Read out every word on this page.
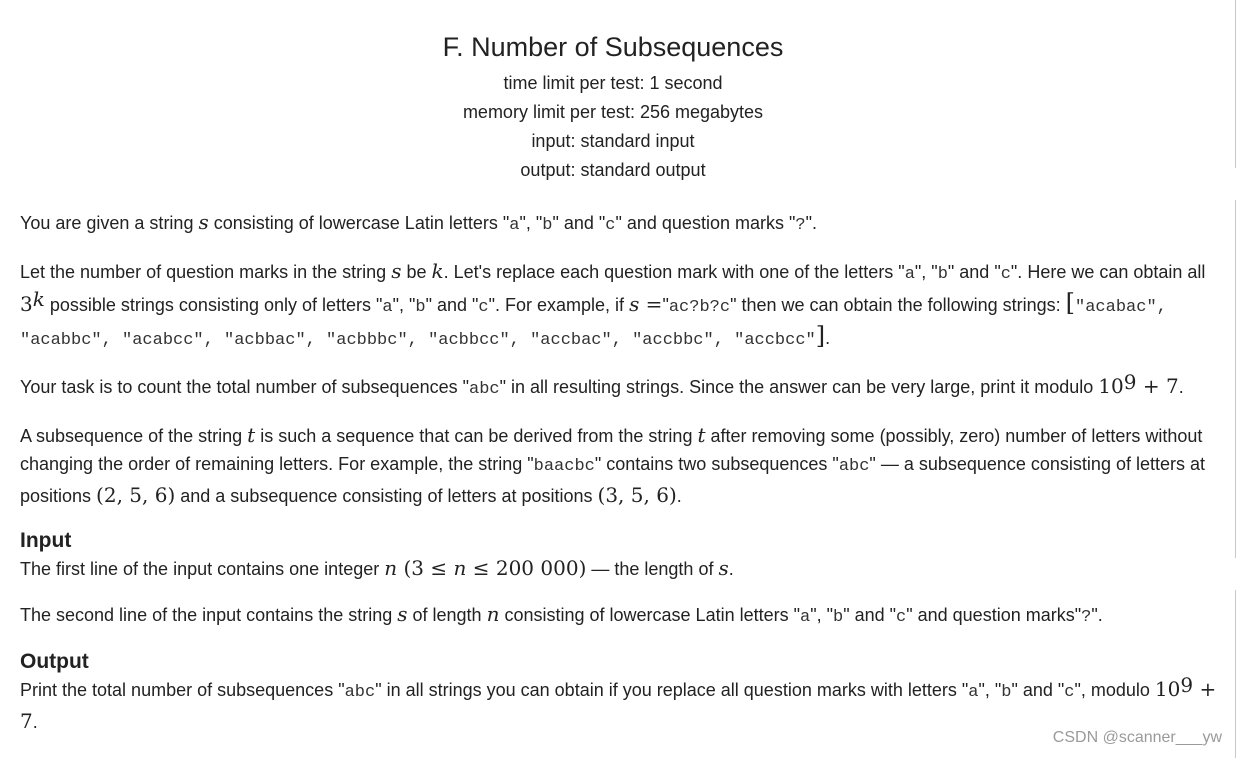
F. Number of Subsequences
time limit per test: 1 second
memory limit per test: 256 megabytes
input: standard input
output: standard output

You are given a string s consisting of lowercase Latin letters "a", "b" and "c" and question marks "?".

Let the number of question marks in the string s be k. Let's replace each question mark with one of the letters "a", "b" and "c". Here we can obtain all 3$^k$ possible strings consisting only of letters "a", "b" and "c". For example, if s ="ac?b?c" then we can obtain the following strings: ["acabac", "acabbc", "acabcc", "acbbac", "acbbbc", "acbbcc", "accbac", "accbbc", "accbcc"].

Your task is to count the total number of subsequences "abc" in all resulting strings. Since the answer can be very large, print it modulo $10^9 + 7$.

A subsequence of the string t is such a sequence that can be derived from the string t after removing some (possibly, zero) number of letters without changing the order of remaining letters. For example, the string "baacbc" contains two subsequences "abc" — a subsequence consisting of letters at positions (2, 5, 6) and a subsequence consisting of letters at positions (3, 5, 6).

Input

The first line of the input contains one integer n (3 ≤ n ≤ 200 000) — the length of s.

The second line of the input contains the string s of length n consisting of lowercase Latin letters "a", "b" and "c" and question marks"?".

Output

Print the total number of subsequences "abc" in all strings you can obtain if you replace all question marks with letters "a", "b" and "c", modulo $10^9 + 7$.

CSDN @scanner___yw
